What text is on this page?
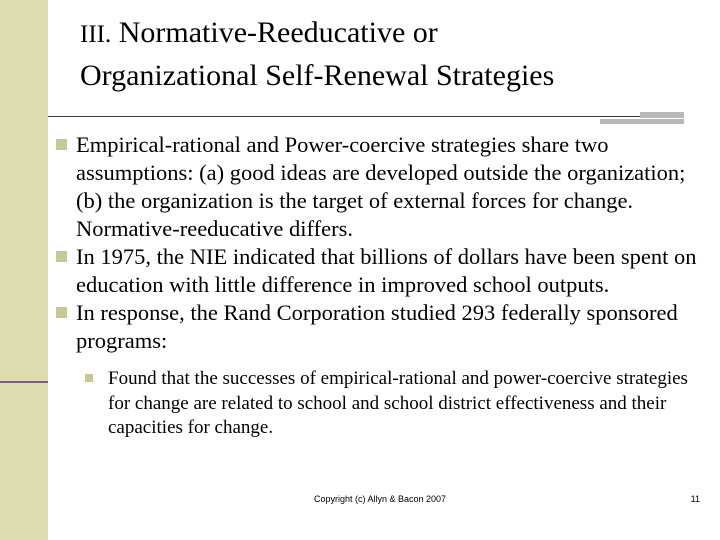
III. Normative-Reeducative or
Organizational Self-Renewal Strategies
Empirical-rational and Power-coercive strategies share two assumptions: (a) good ideas are developed outside the organization; (b) the organization is the target of external forces for change. Normative-reeducative differs.
In 1975, the NIE indicated that billions of dollars have been spent on education with little difference in improved school outputs.
In response, the Rand Corporation studied 293 federally sponsored programs:
Found that the successes of empirical-rational and power-coercive strategies for change are related to school and school district effectiveness and their capacities for change.
Copyright (c) Allyn & Bacon 2007	11
